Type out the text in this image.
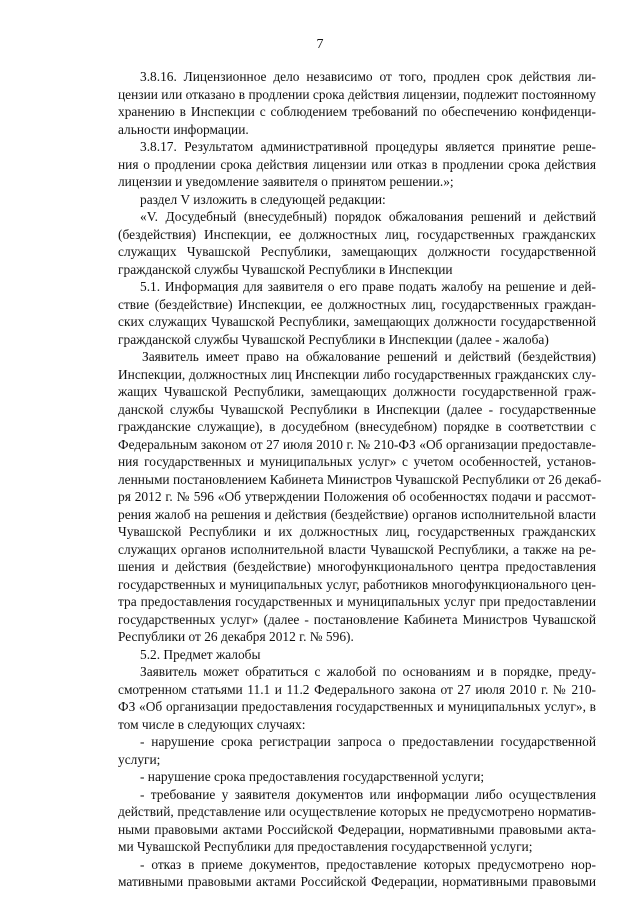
7
3.8.16. Лицензионное дело независимо от того, продлен срок действия ли-
цензии или отказано в продлении срока действия лицензии, подлежит постоянному
хранению в Инспекции с соблюдением требований по обеспечению конфиденци-
альности информации.
3.8.17. Результатом административной процедуры является принятие реше-
ния о продлении срока действия лицензии или отказ в продлении срока действия
лицензии и уведомление заявителя о принятом решении.»;
раздел V изложить в следующей редакции:
«V. Досудебный (внесудебный) порядок обжалования решений и действий
(бездействия) Инспекции, ее должностных лиц, государственных гражданских
служащих Чувашской Республики, замещающих должности государственной
гражданской службы Чувашской Республики в Инспекции
5.1. Информация для заявителя о его праве подать жалобу на решение и дей-
ствие (бездействие) Инспекции, ее должностных лиц, государственных граждан-
ских служащих Чувашской Республики, замещающих должности государственной
гражданской службы Чувашской Республики в Инспекции (далее - жалоба)
Заявитель имеет право на обжалование решений и действий (бездействия)
Инспекции, должностных лиц Инспекции либо государственных гражданских слу-
жащих Чувашской Республики, замещающих должности государственной граж-
данской службы Чувашской Республики в Инспекции (далее - государственные
гражданские служащие), в досудебном (внесудебном) порядке в соответствии с
Федеральным законом от 27 июля 2010 г. № 210-ФЗ «Об организации предоставле-
ния государственных и муниципальных услуг» с учетом особенностей, установ-
ленными постановлением Кабинета Министров Чувашской Республики от 26 декаб-
ря 2012 г. № 596 «Об утверждении Положения об особенностях подачи и рассмот-
рения жалоб на решения и действия (бездействие) органов исполнительной власти
Чувашской Республики и их должностных лиц, государственных гражданских
служащих органов исполнительной власти Чувашской Республики, а также на ре-
шения и действия (бездействие) многофункционального центра предоставления
государственных и муниципальных услуг, работников многофункционального цен-
тра предоставления государственных и муниципальных услуг при предоставлении
государственных услуг» (далее - постановление Кабинета Министров Чувашской
Республики от 26 декабря 2012 г. № 596).
5.2. Предмет жалобы
Заявитель может обратиться с жалобой по основаниям и в порядке, преду-
смотренном статьями 11.1 и 11.2 Федерального закона от 27 июля 2010 г. № 210-
ФЗ «Об организации предоставления государственных и муниципальных услуг», в
том числе в следующих случаях:
- нарушение срока регистрации запроса о предоставлении государственной
услуги;
- нарушение срока предоставления государственной услуги;
- требование у заявителя документов или информации либо осуществления
действий, представление или осуществление которых не предусмотрено норматив-
ными правовыми актами Российской Федерации, нормативными правовыми акта-
ми Чувашской Республики для предоставления государственной услуги;
- отказ в приеме документов, предоставление которых предусмотрено нор-
мативными правовыми актами Российской Федерации, нормативными правовыми
